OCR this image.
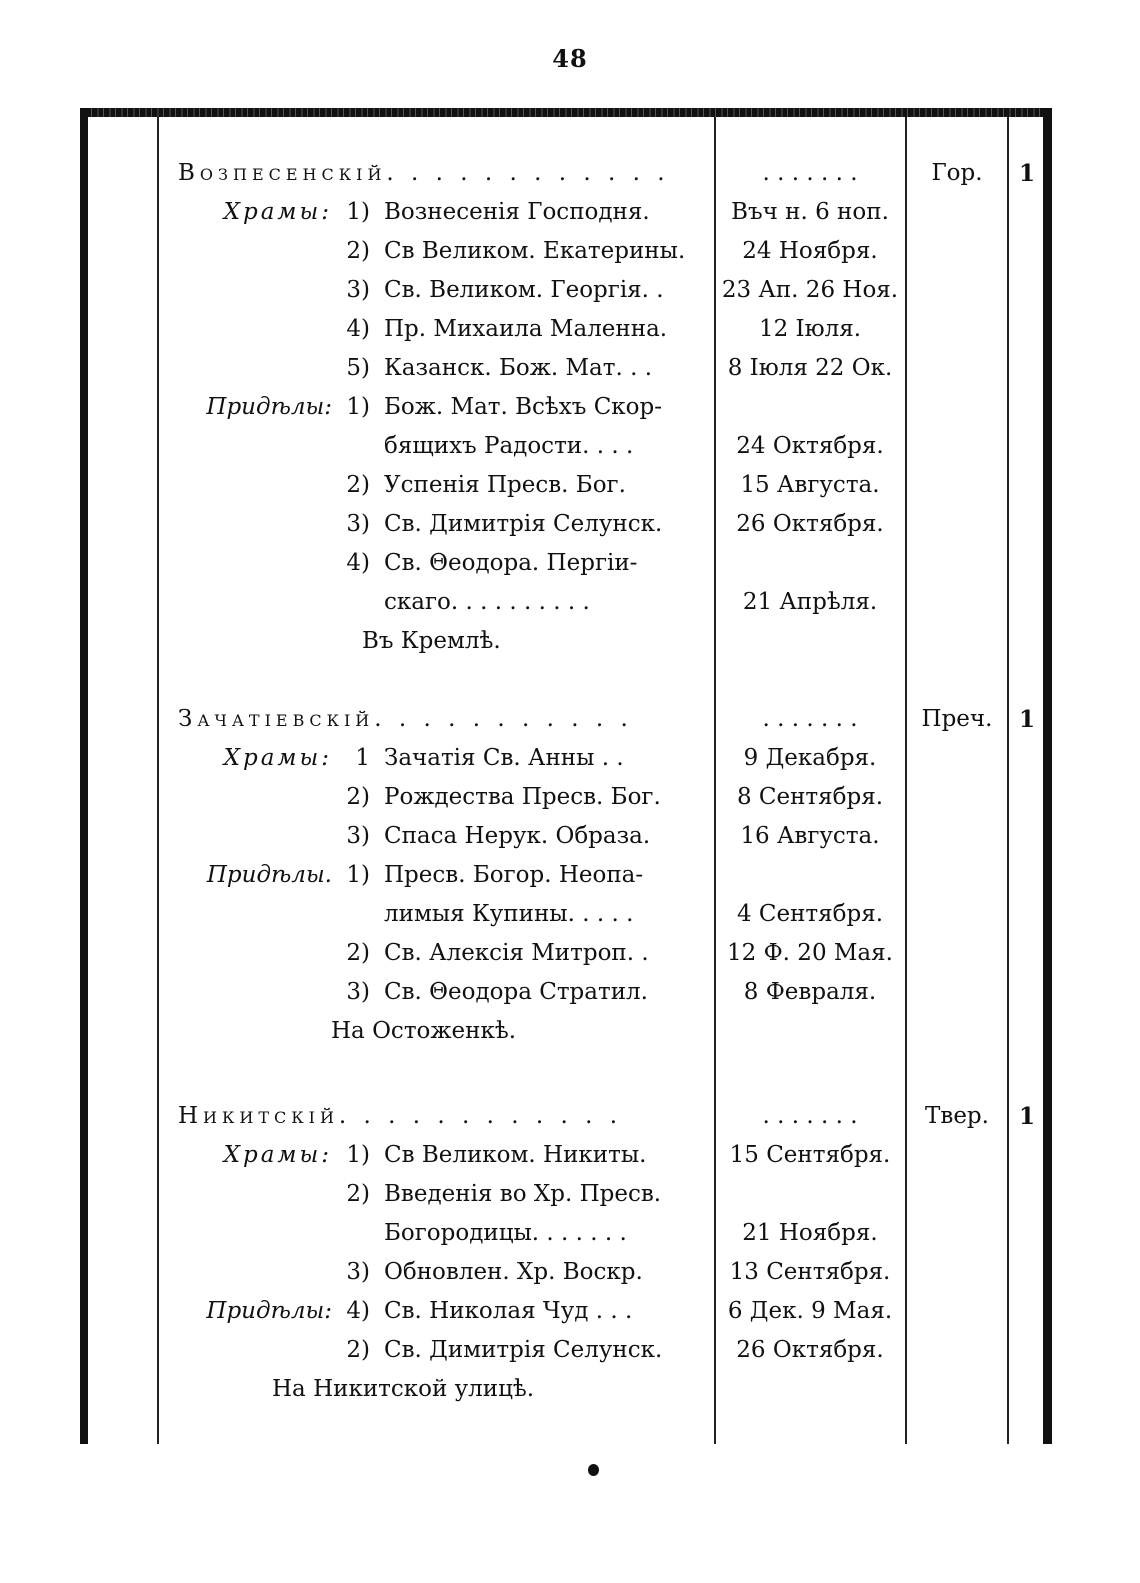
48
Возпесенскій. . . . . . . . . . . .	. . . . . . .	Гор.	1
Храмы: 1) Вознесенія Господня.	Въч н. 6 ноп.
2) Св Великом. Екатерины.	24 Ноября.
3) Св. Великом. Георгія. .	23 Ап. 26 Ноя.
4) Пр. Михаила Маленна.	12 Іюля.
5) Казанск. Бож. Мат. . .	8 Іюля 22 Ок.
Придѣлы: 1) Бож. Мат. Всѣхъ Скор-
бящихъ Радости. . . .	24 Октября.
2) Успенія Пресв. Бог.	15 Августа.
3) Св. Димитрія Селунск.	26 Октября.
4) Св. Θеодора. Пергіи-
скаго. . . . . . . . . .	21 Апрѣля.
Въ Кремлѣ.
Зачатіевскій. . . . . . . . . . .	. . . . . . .	Преч.	1
Храмы: 1 Зачатія Св. Анны . .	9 Декабря.
2) Рождества Пресв. Бог.	8 Сентября.
3) Спаса Нерук. Образа.	16 Августа.
Придѣлы. 1) Пресв. Богор. Неопа-
лимыя Купины. . . . .	4 Сентября.
2) Св. Алексія Митроп. .	12 Ф. 20 Мая.
3) Св. Θеодора Стратил.	8 Февраля.
На Остоженкѣ.
Никитскій. . . . . . . . . . . .	. . . . . . .	Твер.	1
Храмы: 1) Св Великом. Никиты.	15 Сентября.
2) Введенія во Хр. Пресв.
Богородицы. . . . . . .	21 Ноября.
3) Обновлен. Хр. Воскр.	13 Сентября.
Придѣлы: 4) Св. Николая Чуд . . .	6 Дек. 9 Мая.
2) Св. Димитрія Селунск.	26 Октября.
На Никитской улицѣ.
